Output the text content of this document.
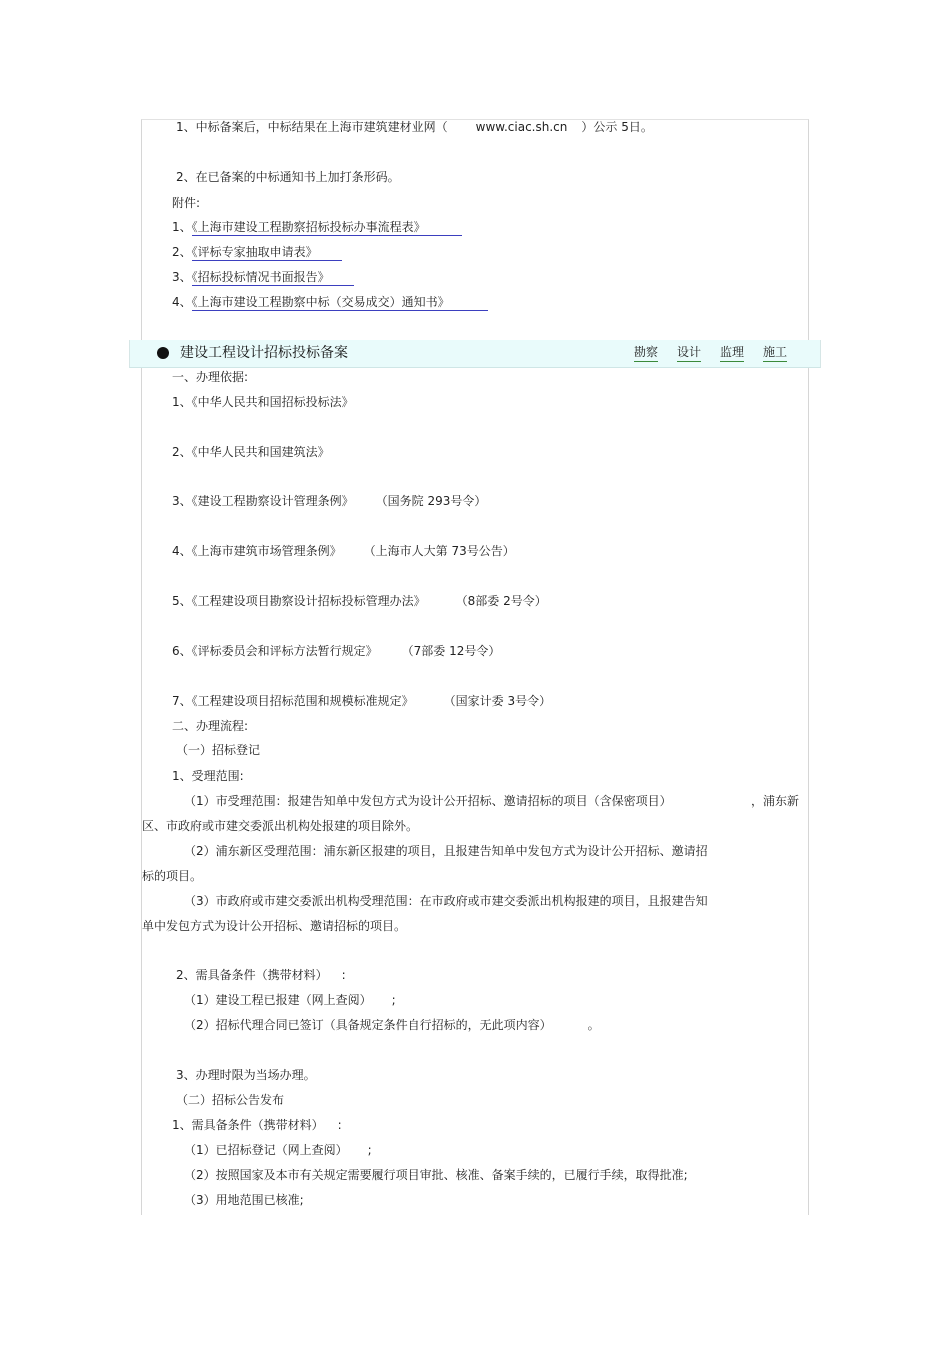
1、中标备案后，中标结果在上海市建筑建材业网（ www.ciac.sh.cn ）公示 5日。
2、在已备案的中标通知书上加打条形码。
附件:
1、《上海市建设工程勘察招标投标办事流程表》
2、《评标专家抽取申请表》
3、《招标投标情况书面报告》
4、《上海市建设工程勘察中标（交易成交）通知书》
建设工程设计招标投标备案	勘察 设计 监理 施工
一、办理依据:
1、《中华人民共和国招标投标法》
2、《中华人民共和国建筑法》
3、《建设工程勘察设计管理条例》 （国务院 293号令）
4、《上海市建筑市场管理条例》 （上海市人大第 73号公告）
5、《工程建设项目勘察设计招标投标管理办法》	（8部委 2号令）
6、《评标委员会和评标方法暂行规定》 （7部委 12号令）
7、《工程建设项目招标范围和规模标准规定》	（国家计委 3号令）
二、办理流程:
（一）招标登记
1、受理范围:
（1）市受理范围：报建告知单中发包方式为设计公开招标、邀请招标的项目（含保密项目）	，浦东新
区、市政府或市建交委派出机构处报建的项目除外。
（2）浦东新区受理范围：浦东新区报建的项目，且报建告知单中发包方式为设计公开招标、邀请招
标的项目。
（3）市政府或市建交委派出机构受理范围：在市政府或市建交委派出机构报建的项目，且报建告知
单中发包方式为设计公开招标、邀请招标的项目。
2、需具备条件（携带材料） :
（1）建设工程已报建（网上查阅） ;
（2）招标代理合同已签订（具备规定条件自行招标的，无此项内容）	。
3、办理时限为当场办理。
（二）招标公告发布
1、需具备条件（携带材料） :
（1）已招标登记（网上查阅） ;
（2）按照国家及本市有关规定需要履行项目审批、核准、备案手续的，已履行手续，取得批准;
（3）用地范围已核准;
